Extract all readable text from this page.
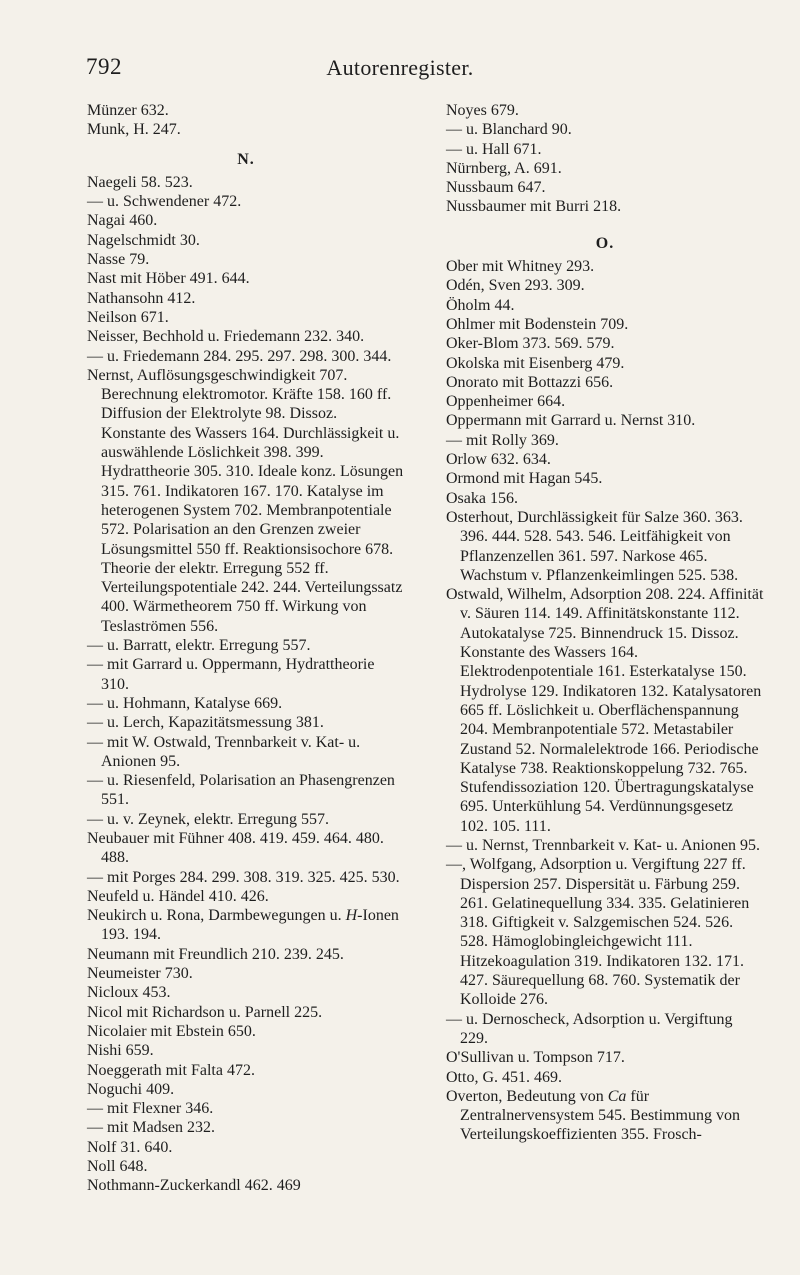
792	Autorenregister.
Münzer 632.
Munk, H. 247.
N.
Naegeli 58. 523.
— u. Schwendener 472.
Nagai 460.
Nagelschmidt 30.
Nasse 79.
Nast mit Höber 491. 644.
Nathansohn 412.
Neilson 671.
Neisser, Bechhold u. Friedemann 232. 340.
— u. Friedemann 284. 295. 297. 298. 300. 344.
Nernst, Auflösungsgeschwindigkeit 707. Berechnung elektromotor. Kräfte 158. 160 ff. Diffusion der Elektrolyte 98. Dissoz. Konstante des Wassers 164. Durchlässigkeit u. auswählende Löslichkeit 398. 399. Hydrattheorie 305. 310. Ideale konz. Lösungen 315. 761. Indikatoren 167. 170. Katalyse im heterogenen System 702. Membranpotentiale 572. Polarisation an den Grenzen zweier Lösungsmittel 550 ff. Reaktionsisochore 678. Theorie der elektr. Erregung 552 ff. Verteilungspotentiale 242. 244. Verteilungssatz 400. Wärmetheorem 750 ff. Wirkung von Teslaströmen 556.
— u. Barratt, elektr. Erregung 557.
— mit Garrard u. Oppermann, Hydrattheorie 310.
— u. Hohmann, Katalyse 669.
— u. Lerch, Kapazitätsmessung 381.
— mit W. Ostwald, Trennbarkeit v. Kat- u. Anionen 95.
— u. Riesenfeld, Polarisation an Phasengrenzen 551.
— u. v. Zeynek, elektr. Erregung 557.
Neubauer mit Fühner 408. 419. 459. 464. 480. 488.
— mit Porges 284. 299. 308. 319. 325. 425. 530.
Neufeld u. Händel 410. 426.
Neukirch u. Rona, Darmbewegungen u. H-Ionen 193. 194.
Neumann mit Freundlich 210. 239. 245.
Neumeister 730.
Nicloux 453.
Nicol mit Richardson u. Parnell 225.
Nicolaier mit Ebstein 650.
Nishi 659.
Noeggerath mit Falta 472.
Noguchi 409.
— mit Flexner 346.
— mit Madsen 232.
Nolf 31. 640.
Noll 648.
Nothmann-Zuckerkandl 462. 469
Noyes 679.
— u. Blanchard 90.
— u. Hall 671.
Nürnberg, A. 691.
Nussbaum 647.
Nussbaumer mit Burri 218.
O.
Ober mit Whitney 293.
Odén, Sven 293. 309.
Öholm 44.
Ohlmer mit Bodenstein 709.
Oker-Blom 373. 569. 579.
Okolska mit Eisenberg 479.
Onorato mit Bottazzi 656.
Oppenheimer 664.
Oppermann mit Garrard u. Nernst 310.
— mit Rolly 369.
Orlow 632. 634.
Ormond mit Hagan 545.
Osaka 156.
Osterhout, Durchlässigkeit für Salze 360. 363. 396. 444. 528. 543. 546. Leitfähigkeit von Pflanzenzellen 361. 597. Narkose 465. Wachstum v. Pflanzenkeimlingen 525. 538.
Ostwald, Wilhelm, Adsorption 208. 224. Affinität v. Säuren 114. 149. Affinitätskonstante 112. Autokatalyse 725. Binnendruck 15. Dissoz. Konstante des Wassers 164. Elektrodenpotentiale 161. Esterkatalyse 150. Hydrolyse 129. Indikatoren 132. Katalysatoren 665 ff. Löslichkeit u. Oberflächenspannung 204. Membranpotentiale 572. Metastabiler Zustand 52. Normalelektrode 166. Periodische Katalyse 738. Reaktionskoppelung 732. 765. Stufendissoziation 120. Übertragungskatalyse 695. Unterkühlung 54. Verdünnungsgesetz 102. 105. 111.
— u. Nernst, Trennbarkeit v. Kat- u. Anionen 95.
—, Wolfgang, Adsorption u. Vergiftung 227 ff. Dispersion 257. Dispersität u. Färbung 259. 261. Gelatinequellung 334. 335. Gelatinieren 318. Giftigkeit v. Salzgemischen 524. 526. 528. Hämoglobingleichgewicht 111. Hitzekoagulation 319. Indikatoren 132. 171. 427. Säurequellung 68. 760. Systematik der Kolloide 276.
— u. Dernoscheck, Adsorption u. Vergiftung 229.
O'Sullivan u. Tompson 717.
Otto, G. 451. 469.
Overton, Bedeutung von Ca für Zentralnervensystem 545. Bestimmung von Verteilungskoeffizienten 355. Frosch-
